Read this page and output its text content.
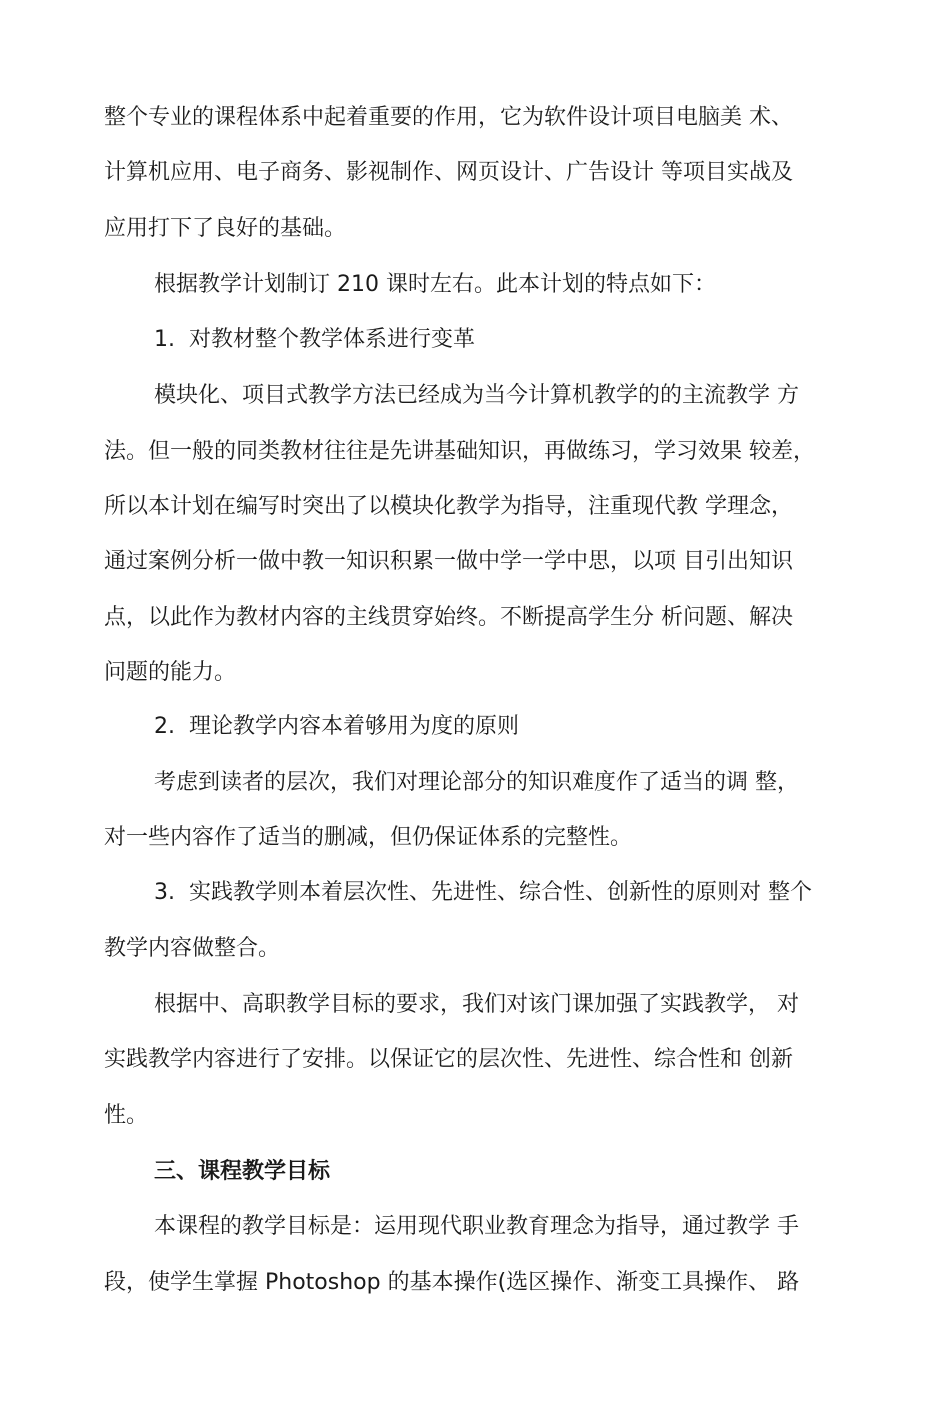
整个专业的课程体系中起着重要的作用，它为软件设计项目电脑美 术、
计算机应用、电子商务、影视制作、网页设计、广告设计 等项目实战及
应用打下了良好的基础。
根据教学计划制订 210 课时左右。此本计划的特点如下：
1.  对教材整个教学体系进行变革
模块化、项目式教学方法已经成为当今计算机教学的的主流教学 方
法。但一般的同类教材往往是先讲基础知识，再做练习，学习效果 较差，
所以本计划在编写时突出了以模块化教学为指导，注重现代教 学理念，
通过案例分析一做中教一知识积累一做中学一学中思，以项 目引出知识
点，以此作为教材内容的主线贯穿始终。不断提高学生分 析问题、解决
问题的能力。
2.  理论教学内容本着够用为度的原则
考虑到读者的层次，我们对理论部分的知识难度作了适当的调 整，
对一些内容作了适当的删减，但仍保证体系的完整性。
3.  实践教学则本着层次性、先进性、综合性、创新性的原则对 整个
教学内容做整合。
根据中、高职教学目标的要求，我们对该门课加强了实践教学， 对
实践教学内容进行了安排。以保证它的层次性、先进性、综合性和 创新
性。
三、课程教学目标
本课程的教学目标是：运用现代职业教育理念为指导，通过教学 手
段，使学生掌握 Photoshop 的基本操作(选区操作、渐变工具操作、 路
